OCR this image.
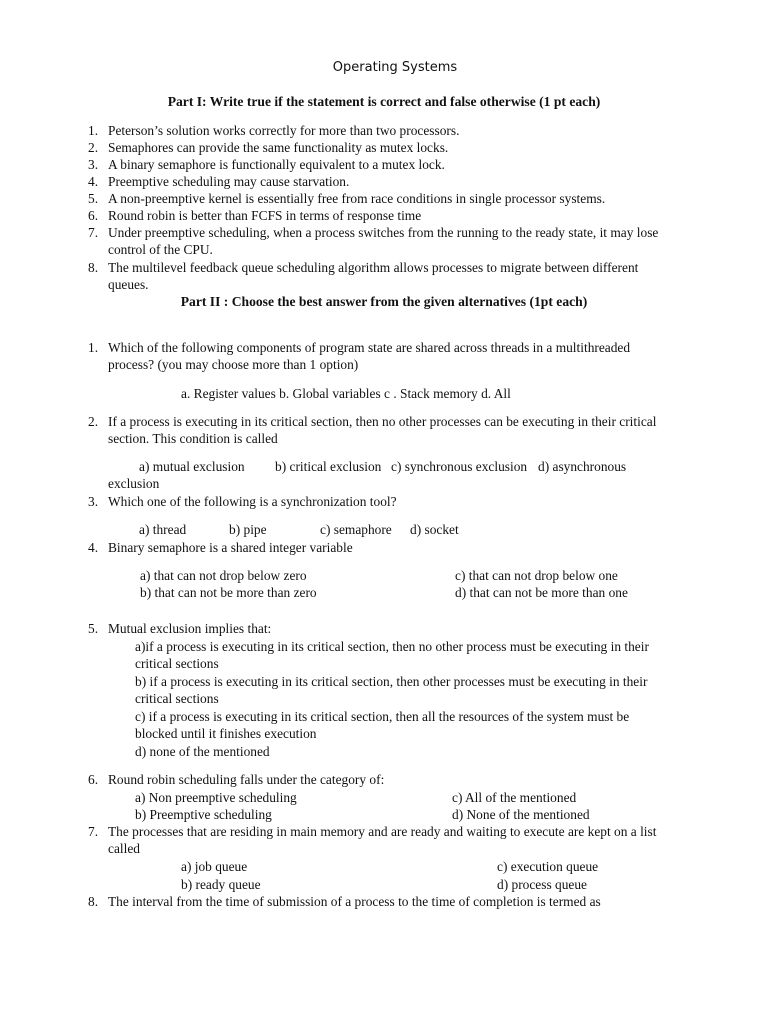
Operating Systems
Part I: Write true if the statement is correct and false otherwise (1 pt each)
1. Peterson’s solution works correctly for more than two processors.
2. Semaphores can provide the same functionality as mutex locks.
3. A binary semaphore is functionally equivalent to a mutex lock.
4. Preemptive scheduling may cause starvation.
5. A non-preemptive kernel is essentially free from race conditions in single processor systems.
6. Round robin is better than FCFS in terms of response time
7. Under preemptive scheduling, when a process switches from the running to the ready state, it may lose
control of the CPU.
8. The multilevel feedback queue scheduling algorithm allows processes to migrate between different
queues.
Part II : Choose the best answer from the given alternatives (1pt each)
1. Which of the following components of program state are shared across threads in a multithreaded
process? (you may choose more than 1 option)
a. Register values b. Global variables c . Stack memory d. All
2. If a process is executing in its critical section, then no other processes can be executing in their critical
section. This condition is called
a) mutual exclusion b) critical exclusion c) synchronous exclusion d) asynchronous
exclusion
3. Which one of the following is a synchronization tool?
a) thread	b) pipe	c) semaphore d) socket
4. Binary semaphore is a shared integer variable
a) that can not drop below zero
b) that can not be more than zero
c) that can not drop below one
d) that can not be more than one
5. Mutual exclusion implies that:
a)if a process is executing in its critical section, then no other process must be executing in their
critical sections
b) if a process is executing in its critical section, then other processes must be executing in their
critical sections
c) if a process is executing in its critical section, then all the resources of the system must be
blocked until it finishes execution
d) none of the mentioned
6. Round robin scheduling falls under the category of:
a) Non preemptive scheduling
b) Preemptive scheduling
c) All of the mentioned
d) None of the mentioned
7. The processes that are residing in main memory and are ready and waiting to execute are kept on a list
called
a) job queue
b) ready queue
c) execution queue
d) process queue
8. The interval from the time of submission of a process to the time of completion is termed as
